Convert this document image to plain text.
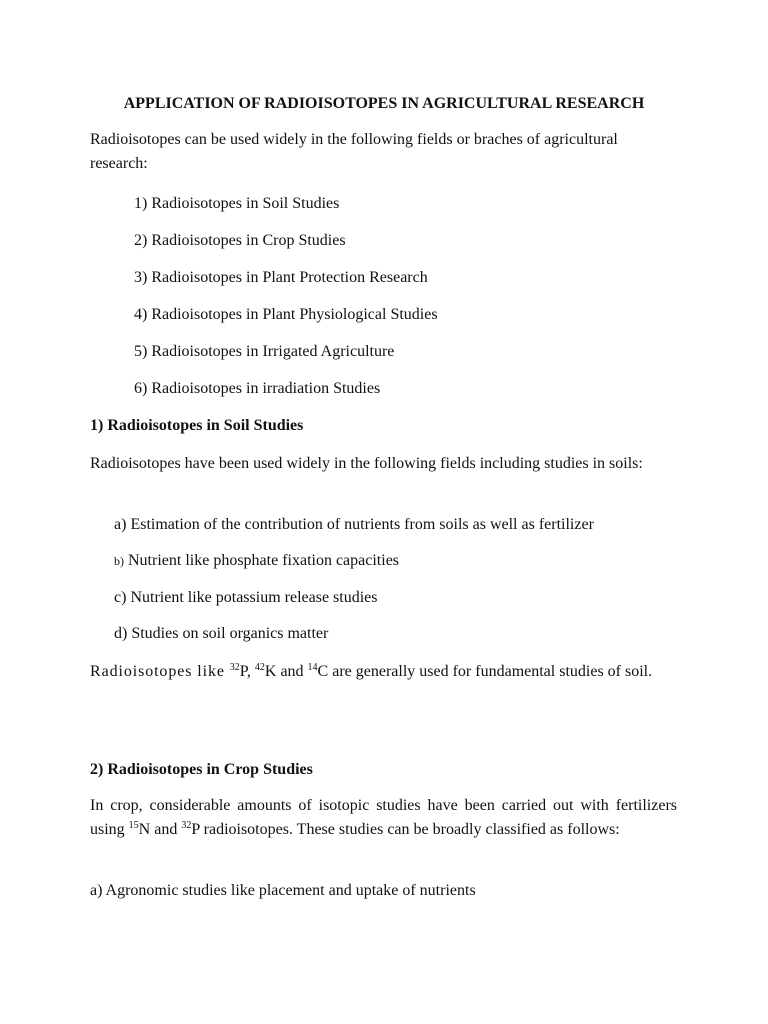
APPLICATION OF RADIOISOTOPES IN AGRICULTURAL RESEARCH
Radioisotopes can be used widely in the following fields or braches of agricultural research:
1) Radioisotopes in Soil Studies
2) Radioisotopes in Crop Studies
3) Radioisotopes in Plant Protection Research
4) Radioisotopes in Plant Physiological Studies
5) Radioisotopes in Irrigated Agriculture
6) Radioisotopes in irradiation Studies
1) Radioisotopes in Soil Studies
Radioisotopes have been used widely in the following fields including studies in soils:
a) Estimation of the contribution of nutrients from soils as well as fertilizer
b) Nutrient like phosphate fixation capacities
c) Nutrient like potassium release studies
d) Studies on soil organics matter
Radioisotopes like $^{32}$P, $^{42}$K and $^{14}$C are generally used for fundamental studies of soil.
2) Radioisotopes in Crop Studies
In crop, considerable amounts of isotopic studies have been carried out with fertilizers using $^{15}$N and $^{32}$P radioisotopes. These studies can be broadly classified as follows:
a) Agronomic studies like placement and uptake of nutrients
